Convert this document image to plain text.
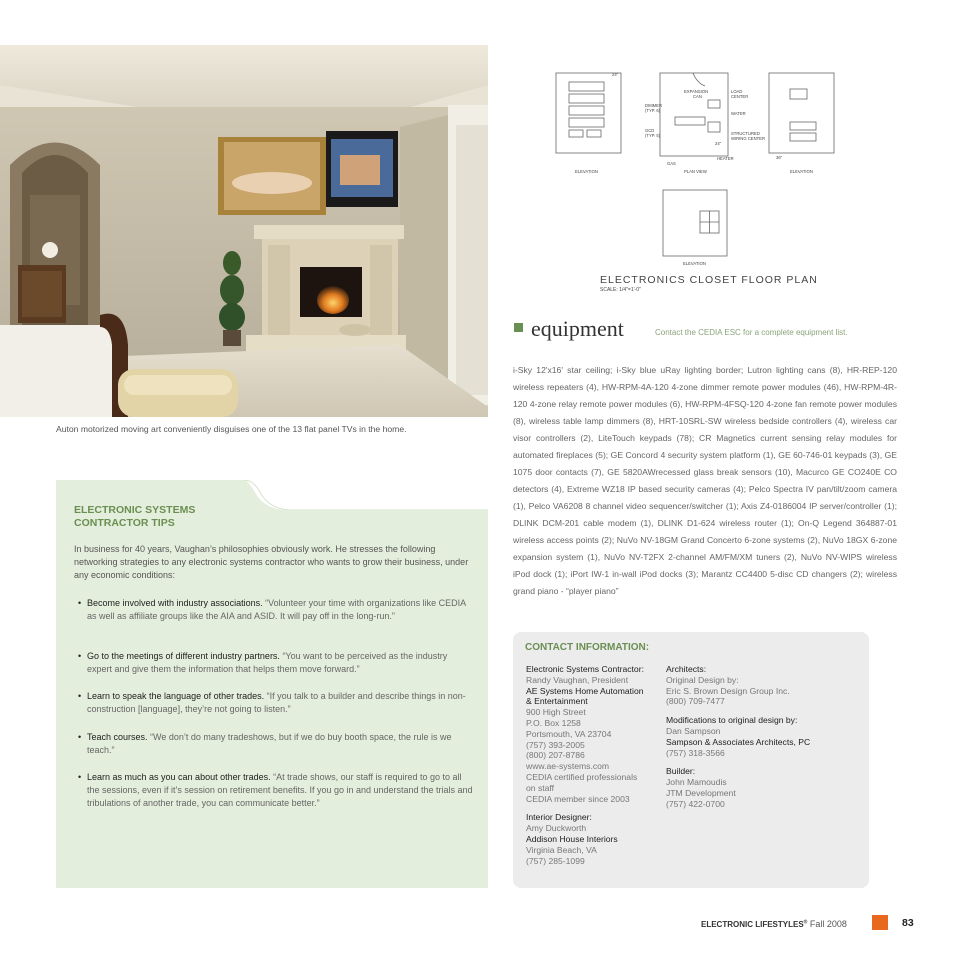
Auton motorized moving art conveniently disguises one of the 13 flat panel TVs in the home.
ELECTRONIC SYSTEMS
CONTRACTOR TIPS
In business for 40 years, Vaughan’s philosophies obviously work. He stresses the following networking strategies to any electronic systems contractor who wants to grow their business, under any economic conditions:
• Become involved with industry associations. “Volunteer your time with organizations like CEDIA as well as affiliate groups like the AIA and ASID. It will pay off in the long-run.”
• Go to the meetings of different industry partners. “You want to be perceived as the industry expert and give them the information that helps them move forward.”
• Learn to speak the language of other trades. “If you talk to a builder and describe things in non-construction [language], they’re not going to listen.”
• Teach courses. “We don’t do many tradeshows, but if we do buy booth space, the rule is we teach.”
• Learn as much as you can about other trades. “At trade shows, our staff is required to go to all the sessions, even if it’s session on retirement benefits. If you go in and understand the trials and tribulations of another trade, you can communicate better.”
24"
ELEVATION	PLAN VIEW	ELEVATION
ELEVATION
EXPANSION
CAN
LOAD
CENTER
DIMMER
(TYP. 6)
WATER
STRUCTURED
WIRING CENTER
GCD
(TYP. 5)
24"
GAS
HEATER	36"
ELECTRONICS CLOSET FLOOR PLAN
SCALE: 1/4"=1'-0"
equipment	Contact the CEDIA ESC for a complete equipment list.
i-Sky 12'x16' star ceiling; i-Sky blue uRay lighting border; Lutron lighting cans (8), HR-REP-120 wireless repeaters (4), HW-RPM-4A-120 4-zone dimmer remote power modules (46), HW-RPM-4R-120 4-zone relay remote power modules (6), HW-RPM-4FSQ-120 4-zone fan remote power modules (8), wireless table lamp dimmers (8), HRT-10SRL-SW wireless bedside controllers (4), wireless car visor controllers (2), LiteTouch keypads (78); CR Magnetics current sensing relay modules for automated fireplaces (5); GE Concord 4 security system platform (1), GE 60-746-01 keypads (3), GE 1075 door contacts (7), GE 5820AWrecessed glass break sensors (10), Macurco GE CO240E CO detectors (4), Extreme WZ18 IP based security cameras (4); Pelco Spectra IV pan/tilt/zoom camera (1), Pelco VA6208 8 channel video sequencer/switcher (1); Axis Z4-0186004 IP server/controller (1); DLINK DCM-201 cable modem (1), DLINK D1-624 wireless router (1); On-Q Legend 364887-01 wireless access points (2); NuVo NV-18GM Grand Concerto 6-zone systems (2), NuVo 18GX 6-zone expansion system (1), NuVo NV-T2FX 2-channel AM/FM/XM tuners (2), NuVo NV-WIPS wireless iPod dock (1); iPort IW-1 in-wall iPod docks (3); Marantz CC4400 5-disc CD changers (2); wireless grand piano - “player piano”
CONTACT INFORMATION:
Electronic Systems Contractor:
Randy Vaughan, President
AE Systems Home Automation
& Entertainment
900 High Street
P.O. Box 1258
Portsmouth, VA 23704
(757) 393-2005
(800) 207-8786
www.ae-systems.com
CEDIA certified professionals
on staff
CEDIA member since 2003
Interior Designer:
Amy Duckworth
Addison House Interiors
Virginia Beach, VA
(757) 285-1099
Architects:
Original Design by:
Eric S. Brown Design Group Inc.
(800) 709-7477
Modifications to original design by:
Dan Sampson
Sampson & Associates Architects, PC
(757) 318-3566
Builder:
John Mamoudis
JTM Development
(757) 422-0700
ELECTRONIC LIFESTYLES® Fall 2008	83
